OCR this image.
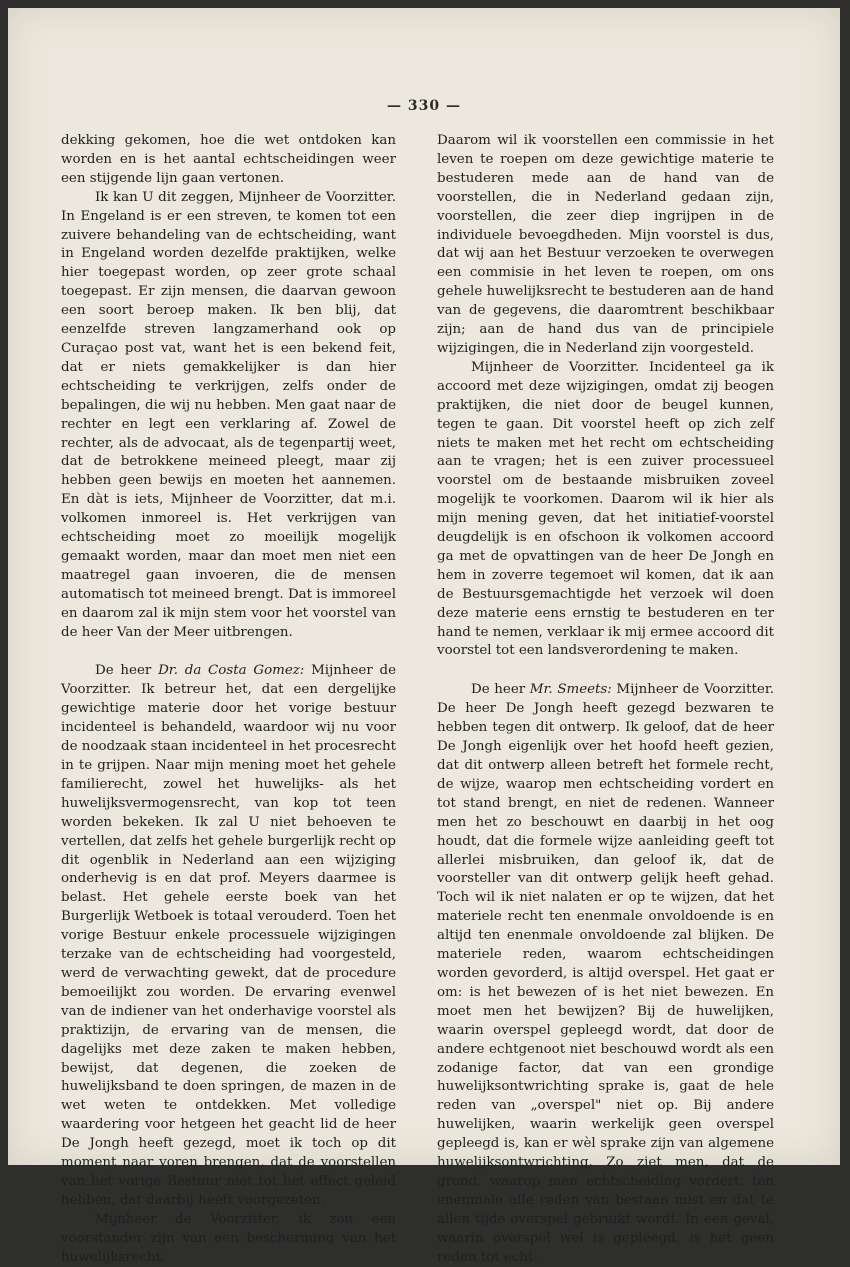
— 330 —

dekking gekomen, hoe die wet ontdoken kan worden en is het aantal echtscheidingen weer een stijgende lijn gaan vertonen.

Ik kan U dit zeggen, Mijnheer de Voorzitter. In Engeland is er een streven, te komen tot een zuivere behandeling van de echtscheiding, want in Engeland worden dezelfde praktijken, welke hier toegepast worden, op zeer grote schaal toegepast. Er zijn mensen, die daarvan gewoon een soort beroep maken. Ik ben blij, dat eenzelfde streven langzamerhand ook op Curaçao post vat, want het is een bekend feit, dat er niets gemakkelijker is dan hier echtscheiding te verkrijgen, zelfs onder de bepalingen, die wij nu hebben. Men gaat naar de rechter en legt een verklaring af. Zowel de rechter, als de advocaat, als de tegenpartij weet, dat de betrokkene meineed pleegt, maar zij hebben geen bewijs en moeten het aannemen. En dàt is iets, Mijnheer de Voorzitter, dat m.i. volkomen inmoreel is. Het verkrijgen van echtscheiding moet zo moeilijk mogelijk gemaakt worden, maar dan moet men niet een maatregel gaan invoeren, die de mensen automatisch tot meineed brengt. Dat is immoreel en daarom zal ik mijn stem voor het voorstel van de heer Van der Meer uitbrengen.

De heer Dr. da Costa Gomez: Mijnheer de Voorzitter. Ik betreur het, dat een dergelijke gewichtige materie door het vorige bestuur incidenteel is behandeld, waardoor wij nu voor de noodzaak staan incidenteel in het procesrecht in te grijpen. Naar mijn mening moet het gehele familierecht, zowel het huwelijks- als het huwelijksvermogensrecht, van kop tot teen worden bekeken. Ik zal U niet behoeven te vertellen, dat zelfs het gehele burgerlijk recht op dit ogenblik in Nederland aan een wijziging onderhevig is en dat prof. Meyers daarmee is belast. Het gehele eerste boek van het Burgerlijk Wetboek is totaal verouderd. Toen het vorige Bestuur enkele processuele wijzigingen terzake van de echtscheiding had voorgesteld, werd de verwachting gewekt, dat de procedure bemoeilijkt zou worden. De ervaring evenwel van de indiener van het onderhavige voorstel als praktizijn, de ervaring van de mensen, die dagelijks met deze zaken te maken hebben, bewijst, dat degenen, die zoeken de huwelijksband te doen springen, de mazen in de wet weten te ontdekken. Met volledige waardering voor hetgeen het geacht lid de heer De Jongh heeft gezegd, moet ik toch op dit moment naar voren brengen, dat de voorstellen van het vorige Bestuur niet tot het effect geleid hebben, dat daarbij heeft voorgezeten.

Mijnheer de Voorzitter, ik zou een voorstander zijn van een bescherming van het huwelijksrecht.

Daarom wil ik voorstellen een commissie in het leven te roepen om deze gewichtige materie te bestuderen mede aan de hand van de voorstellen, die in Nederland gedaan zijn, voorstellen, die zeer diep ingrijpen in de individuele bevoegdheden. Mijn voorstel is dus, dat wij aan het Bestuur verzoeken te overwegen een commisie in het leven te roepen, om ons gehele huwelijksrecht te bestuderen aan de hand van de gegevens, die daaromtrent beschikbaar zijn; aan de hand dus van de principiele wijzigingen, die in Nederland zijn voorgesteld.

Mijnheer de Voorzitter. Incidenteel ga ik accoord met deze wijzigingen, omdat zij beogen praktijken, die niet door de beugel kunnen, tegen te gaan. Dit voorstel heeft op zich zelf niets te maken met het recht om echtscheiding aan te vragen; het is een zuiver processueel voorstel om de bestaande misbruiken zoveel mogelijk te voorkomen. Daarom wil ik hier als mijn mening geven, dat het initiatief-voorstel deugdelijk is en ofschoon ik volkomen accoord ga met de opvattingen van de heer De Jongh en hem in zoverre tegemoet wil komen, dat ik aan de Bestuursgemachtigde het verzoek wil doen deze materie eens ernstig te bestuderen en ter hand te nemen, verklaar ik mij ermee accoord dit voorstel tot een landsverordening te maken.

De heer Mr. Smeets: Mijnheer de Voorzitter. De heer De Jongh heeft gezegd bezwaren te hebben tegen dit ontwerp. Ik geloof, dat de heer De Jongh eigenlijk over het hoofd heeft gezien, dat dit ontwerp alleen betreft het formele recht, de wijze, waarop men echtscheiding vordert en tot stand brengt, en niet de redenen. Wanneer men het zo beschouwt en daarbij in het oog houdt, dat die formele wijze aanleiding geeft tot allerlei misbruiken, dan geloof ik, dat de voorsteller van dit ontwerp gelijk heeft gehad. Toch wil ik niet nalaten er op te wijzen, dat het materiele recht ten enenmale onvoldoende is en altijd ten enenmale onvoldoende zal blijken. De materiele reden, waarom echtscheidingen worden gevorderd, is altijd overspel. Het gaat er om: is het bewezen of is het niet bewezen. En moet men het bewijzen? Bij de huwelijken, waarin overspel gepleegd wordt, dat door de andere echtgenoot niet beschouwd wordt als een zodanige factor, dat van een grondige huwelijksontwrichting sprake is, gaat de hele reden van „overspel" niet op. Bij andere huwelijken, waarin werkelijk geen overspel gepleegd is, kan er wèl sprake zijn van algemene huwelijksontwrichting. Zo ziet men, dat de grond, waarop men echtscheiding vordert, ten enenmale alle reden van bestaan mist en dat te allen tijde overspel gebruikt wordt. In een geval, waarin overspel wel is gepleegd, is het geen reden tot echt-
